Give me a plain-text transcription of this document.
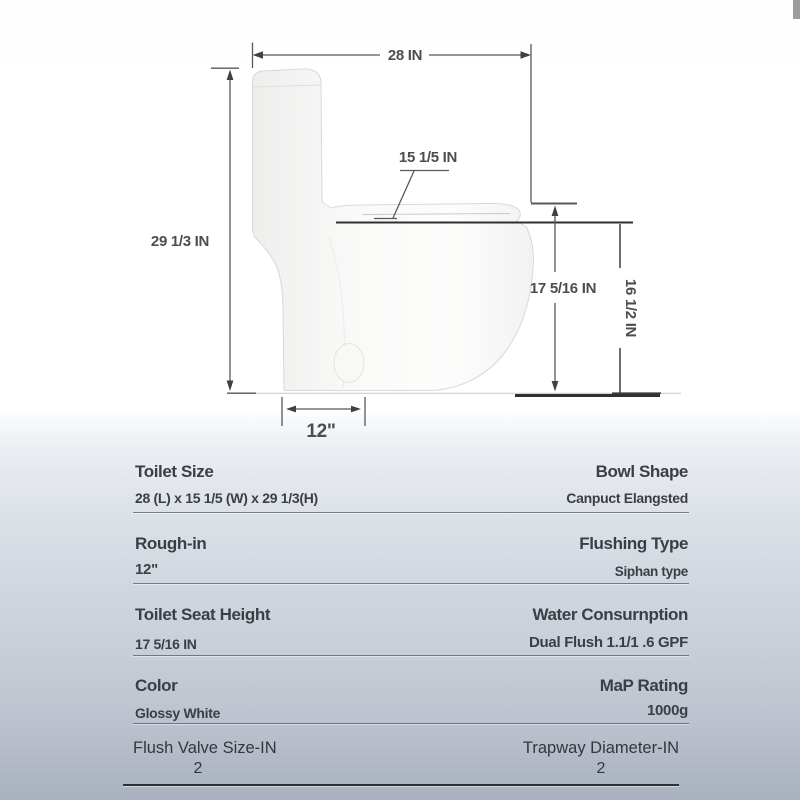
28 IN
29 1/3 IN
15 1/5 IN
17 5/16 IN 16 1/2 IN
12"
Toilet Size	Bowl Shape
28 (L) x 15 1/5 (W) x 29 1/3(H)	Canpuct Elangsted
Rough-in	Flushing Type
12"	Siphan type
Toilet Seat Height	Water Consurnption
17 5/16 IN	Dual Flush 1.1/1 .6 GPF
Color	MaP Rating
Glossy White	1000g
Flush Valve Size-IN	Trapway Diameter-IN
2	2
